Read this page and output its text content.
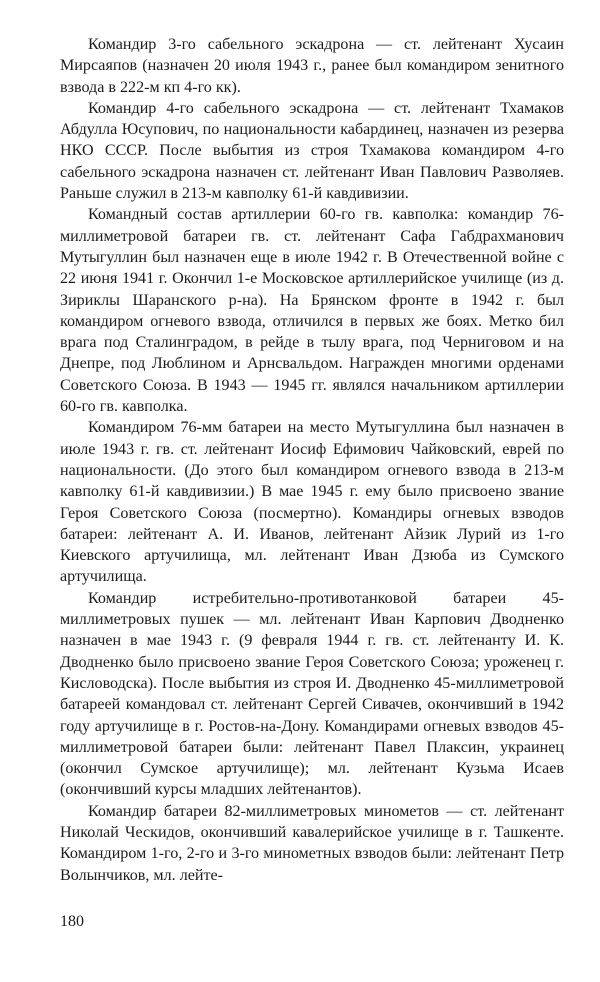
Командир 3-го сабельного эскадрона — ст. лейтенант Хусаин Мирсаяпов (назначен 20 июля 1943 г., ранее был командиром зенитного взвода в 222-м кп 4-го кк).

Командир 4-го сабельного эскадрона — ст. лейтенант Тхамаков Абдулла Юсупович, по национальности кабардинец, назначен из резерва НКО СССР. После выбытия из строя Тхамакова командиром 4-го сабельного эскадрона назначен ст. лейтенант Иван Павлович Разволяев. Раньше служил в 213-м кавполку 61-й кавдивизии.

Командный состав артиллерии 60-го гв. кавполка: командир 76-миллиметровой батареи гв. ст. лейтенант Сафа Габдрахманович Мутыгуллин был назначен еще в июле 1942 г. В Отечественной войне с 22 июня 1941 г. Окончил 1-е Московское артиллерийское училище (из д. Зириклы Шаранского р-на). На Брянском фронте в 1942 г. был командиром огневого взвода, отличился в первых же боях. Метко бил врага под Сталинградом, в рейде в тылу врага, под Черниговом и на Днепре, под Люблином и Арнсвальдом. Награжден многими орденами Советского Союза. В 1943 — 1945 гг. являлся начальником артиллерии 60-го гв. кавполка.

Командиром 76-мм батареи на место Мутыгуллина был назначен в июле 1943 г. гв. ст. лейтенант Иосиф Ефимович Чайковский, еврей по национальности. (До этого был командиром огневого взвода в 213-м кавполку 61-й кавдивизии.) В мае 1945 г. ему было присвоено звание Героя Советского Союза (посмертно). Командиры огневых взводов батареи: лейтенант А. И. Иванов, лейтенант Айзик Лурий из 1-го Киевского артучилища, мл. лейтенант Иван Дзюба из Сумского артучилища.

Командир истребительно-противотанковой батареи 45-миллиметровых пушек — мл. лейтенант Иван Карпович Дводненко назначен в мае 1943 г. (9 февраля 1944 г. гв. ст. лейтенанту И. К. Дводненко было присвоено звание Героя Советского Союза; уроженец г. Кисловодска). После выбытия из строя И. Дводненко 45-миллиметровой батареей командовал ст. лейтенант Сергей Сивачев, окончивший в 1942 году артучилище в г. Ростов-на-Дону. Командирами огневых взводов 45-миллиметровой батареи были: лейтенант Павел Плаксин, украинец (окончил Сумское артучилище); мл. лейтенант Кузьма Исаев (окончивший курсы младших лейтенантов).

Командир батареи 82-миллиметровых минометов — ст. лейтенант Николай Ческидов, окончивший кавалерийское училище в г. Ташкенте. Командиром 1-го, 2-го и 3-го минометных взводов были: лейтенант Петр Волынчиков, мл. лейте-

180
